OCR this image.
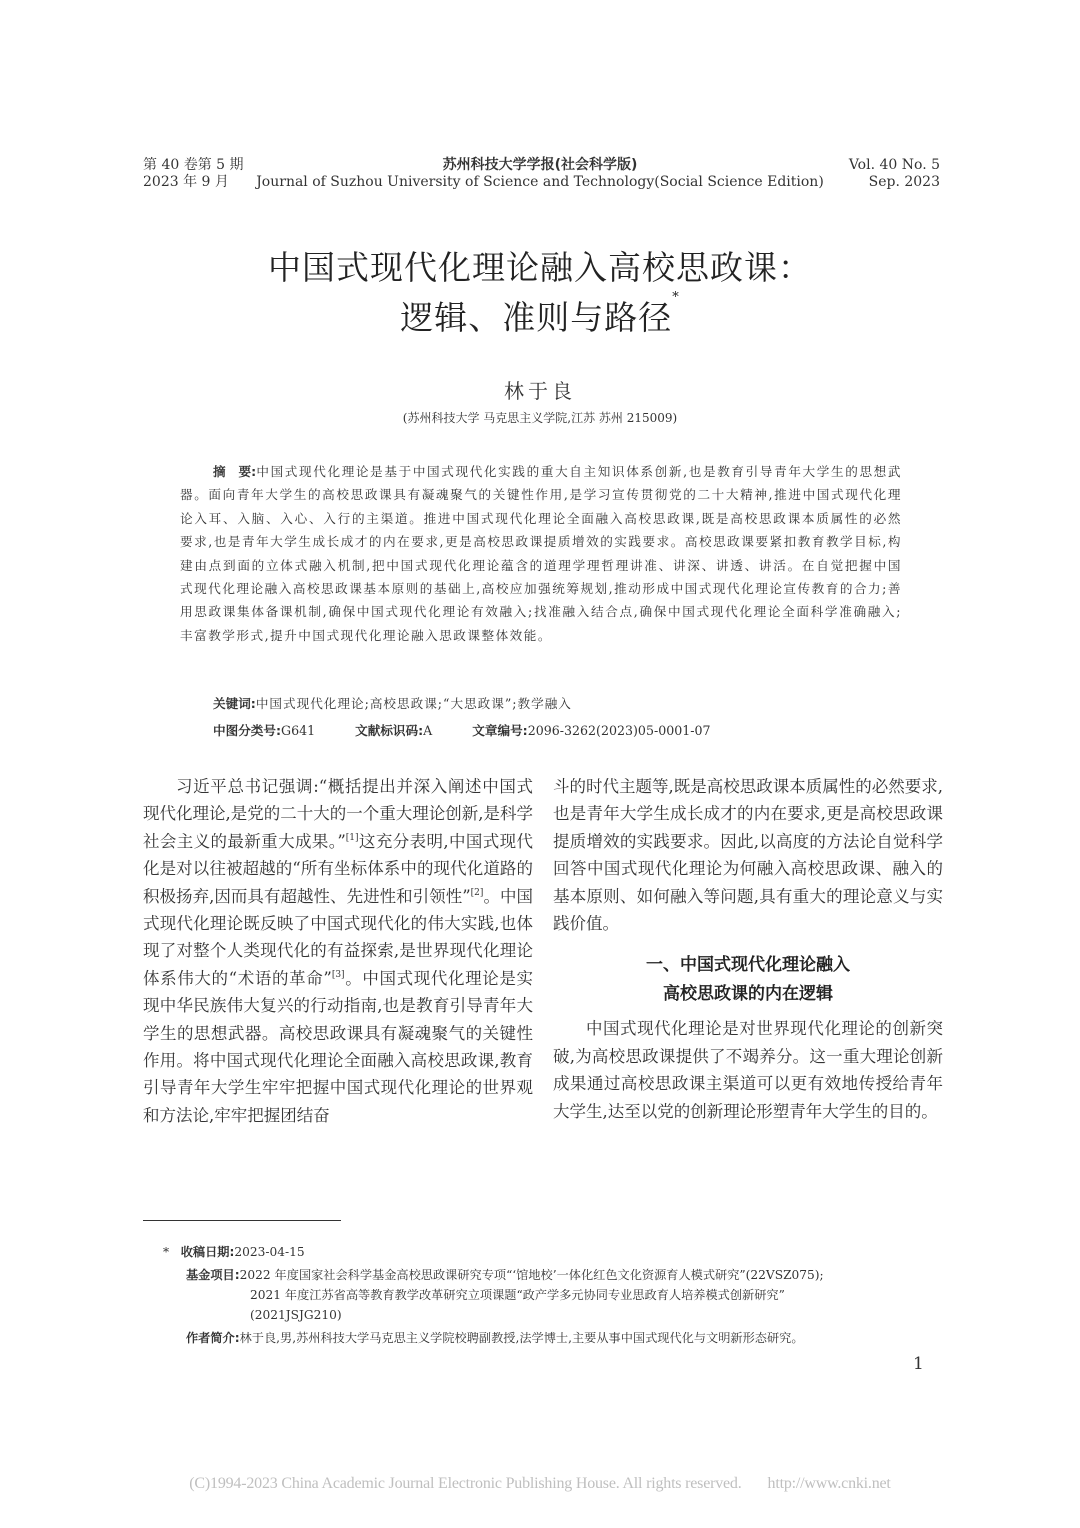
第 40 卷第 5 期
2023 年 9 月
苏州科技大学学报(社会科学版)
Journal of Suzhou University of Science and Technology(Social Science Edition)
Vol. 40 No. 5
Sep. 2023
中国式现代化理论融入高校思政课：
逻辑、准则与路径*
林于良
(苏州科技大学 马克思主义学院,江苏 苏州 215009)

摘　要:中国式现代化理论是基于中国式现代化实践的重大自主知识体系创新,也是教育引导青年大学生的思想武器。面向青年大学生的高校思政课具有凝魂聚气的关键性作用,是学习宣传贯彻党的二十大精神,推进中国式现代化理论入耳、入脑、入心、入行的主渠道。推进中国式现代化理论全面融入高校思政课,既是高校思政课本质属性的必然要求,也是青年大学生成长成才的内在要求,更是高校思政课提质增效的实践要求。高校思政课要紧扣教育教学目标,构建由点到面的立体式融入机制,把中国式现代化理论蕴含的道理学理哲理讲准、讲深、讲透、讲活。在自觉把握中国式现代化理论融入高校思政课基本原则的基础上,高校应加强统筹规划,推动形成中国式现代化理论宣传教育的合力;善用思政课集体备课机制,确保中国式现代化理论有效融入;找准融入结合点,确保中国式现代化理论全面科学准确融入;丰富教学形式,提升中国式现代化理论融入思政课整体效能。

关键词:中国式现代化理论;高校思政课;“大思政课”;教学融入
中图分类号:G641	文献标识码:A	文章编号:2096-3262(2023)05-0001-07

习近平总书记强调:“概括提出并深入阐述中国式现代化理论,是党的二十大的一个重大理论创新,是科学社会主义的最新重大成果。”[1]这充分表明,中国式现代化是对以往被超越的“所有坐标体系中的现代化道路的积极扬弃,因而具有超越性、先进性和引领性”[2]。中国式现代化理论既反映了中国式现代化的伟大实践,也体现了对整个人类现代化的有益探索,是世界现代化理论体系伟大的“术语的革命”[3]。中国式现代化理论是实现中华民族伟大复兴的行动指南,也是教育引导青年大学生的思想武器。高校思政课具有凝魂聚气的关键性作用。将中国式现代化理论全面融入高校思政课,教育引导青年大学生牢牢把握中国式现代化理论的世界观和方法论,牢牢把握团结奋

斗的时代主题等,既是高校思政课本质属性的必然要求,也是青年大学生成长成才的内在要求,更是高校思政课提质增效的实践要求。因此,以高度的方法论自觉科学回答中国式现代化理论为何融入高校思政课、融入的基本原则、如何融入等问题,具有重大的理论意义与实践价值。

一、中国式现代化理论融入
高校思政课的内在逻辑

中国式现代化理论是对世界现代化理论的创新突破,为高校思政课提供了不竭养分。这一重大理论创新成果通过高校思政课主渠道可以更有效地传授给青年大学生,达至以党的创新理论形塑青年大学生的目的。

* 收稿日期:2023-04-15
基金项目:2022 年度国家社会科学基金高校思政课研究专项“‘馆地校’一体化红色文化资源育人模式研究”(22VSZ075);
2021 年度江苏省高等教育教学改革研究立项课题“政产学多元协同专业思政育人培养模式创新研究”
(2021JSJG210)
作者简介:林于良,男,苏州科技大学马克思主义学院校聘副教授,法学博士,主要从事中国式现代化与文明新形态研究。
1
(C)1994-2023 China Academic Journal Electronic Publishing House. All rights reserved. http://www.cnki.net
